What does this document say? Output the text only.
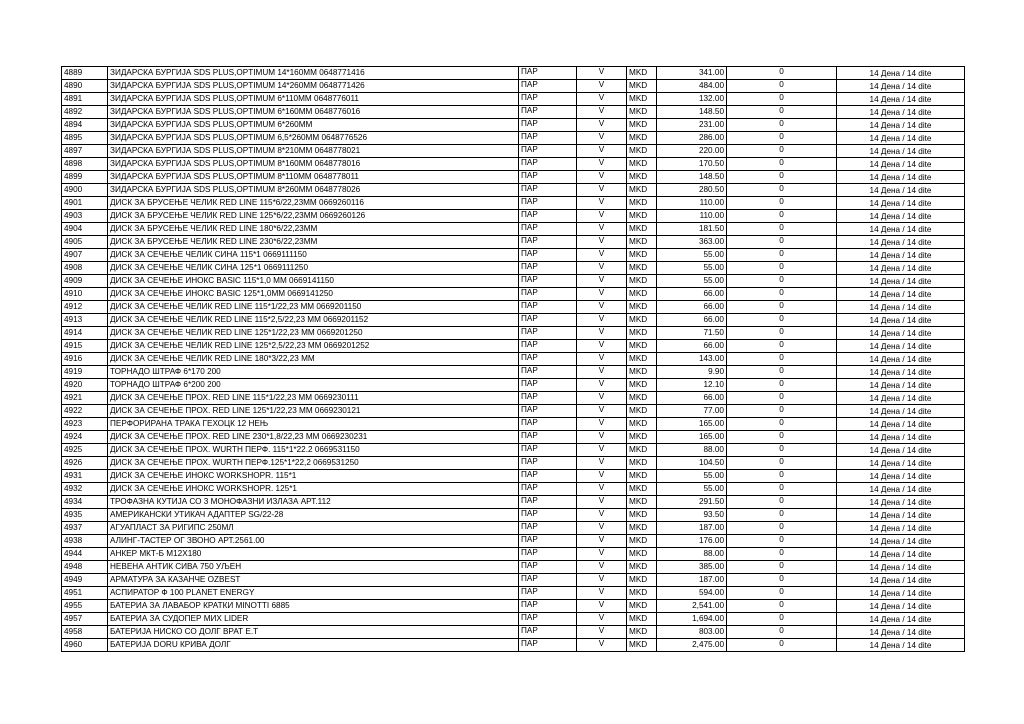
4889	ЗИДАРСКА БУРГИЈА SDS PLUS,OPTIMUM 14*160ММ 0648771416	ПАР	V	MKD	341.00	0	14 Дена / 14 dite
4890	ЗИДАРСКА БУРГИЈА SDS PLUS,OPTIMUM 14*260ММ 0648771426	ПАР	V	MKD	484.00	0	14 Дена / 14 dite
4891	ЗИДАРСКА БУРГИЈА SDS PLUS,OPTIMUM 6*110ММ 0648776011	ПАР	V	MKD	132.00	0	14 Дена / 14 dite
4892	ЗИДАРСКА БУРГИЈА SDS PLUS,OPTIMUM 6*160ММ 0648776016	ПАР	V	MKD	148.50	0	14 Дена / 14 dite
4894	ЗИДАРСКА БУРГИЈА SDS PLUS,OPTIMUM 6*260ММ	ПАР	V	MKD	231.00	0	14 Дена / 14 dite
4895	ЗИДАРСКА БУРГИЈА SDS PLUS,OPTIMUM 6,5*260ММ 0648776526	ПАР	V	MKD	286.00	0	14 Дена / 14 dite
4897	ЗИДАРСКА БУРГИЈА SDS PLUS,OPTIMUM 8*210ММ 0648778021	ПАР	V	MKD	220.00	0	14 Дена / 14 dite
4898	ЗИДАРСКА БУРГИЈА SDS PLUS,OPTIMUM 8*160ММ 0648778016	ПАР	V	MKD	170.50	0	14 Дена / 14 dite
4899	ЗИДАРСКА БУРГИЈА SDS PLUS,OPTIMUM 8*110ММ 0648778011	ПАР	V	MKD	148.50	0	14 Дена / 14 dite
4900	ЗИДАРСКА БУРГИЈА SDS PLUS,OPTIMUM 8*260ММ 0648778026	ПАР	V	MKD	280.50	0	14 Дена / 14 dite
4901	ДИСК ЗА БРУСЕЊЕ ЧЕЛИК RED LINE 115*6/22,23ММ 0669260116	ПАР	V	MKD	110.00	0	14 Дена / 14 dite
4903	ДИСК ЗА БРУСЕЊЕ ЧЕЛИК RED LINE 125*6/22,23ММ 0669260126	ПАР	V	MKD	110.00	0	14 Дена / 14 dite
4904	ДИСК ЗА БРУСЕЊЕ ЧЕЛИК RED LINE 180*6/22,23ММ	ПАР	V	MKD	181.50	0	14 Дена / 14 dite
4905	ДИСК ЗА БРУСЕЊЕ ЧЕЛИК RED LINE 230*6/22,23ММ	ПАР	V	MKD	363.00	0	14 Дена / 14 dite
4907	ДИСК ЗА СЕЧЕЊЕ ЧЕЛИК СИНА 115*1 0669111150	ПАР	V	MKD	55.00	0	14 Дена / 14 dite
4908	ДИСК ЗА СЕЧЕЊЕ ЧЕЛИК СИНА 125*1 0669111250	ПАР	V	MKD	55.00	0	14 Дена / 14 dite
4909	ДИСК ЗА СЕЧЕЊЕ ИНОКС BASIC 115*1,0 ММ 0669141150	ПАР	V	MKD	55.00	0	14 Дена / 14 dite
4910	ДИСК ЗА СЕЧЕЊЕ ИНОКС BASIC 125*1,0ММ 0669141250	ПАР	V	MKD	66.00	0	14 Дена / 14 dite
4912	ДИСК ЗА СЕЧЕЊЕ ЧЕЛИК RED LINE 115*1/22,23 ММ 0669201150	ПАР	V	MKD	66.00	0	14 Дена / 14 dite
4913	ДИСК ЗА СЕЧЕЊЕ ЧЕЛИК RED LINE 115*2,5/22,23 ММ 0669201152	ПАР	V	MKD	66.00	0	14 Дена / 14 dite
4914	ДИСК ЗА СЕЧЕЊЕ ЧЕЛИК RED LINE 125*1/22,23 ММ 0669201250	ПАР	V	MKD	71.50	0	14 Дена / 14 dite
4915	ДИСК ЗА СЕЧЕЊЕ ЧЕЛИК RED LINE 125*2,5/22,23 ММ 0669201252	ПАР	V	MKD	66.00	0	14 Дена / 14 dite
4916	ДИСК ЗА СЕЧЕЊЕ ЧЕЛИК RED LINE 180*3/22,23 ММ	ПАР	V	MKD	143.00	0	14 Дена / 14 dite
4919	ТОРНАДО ШТРАФ 6*170 200	ПАР	V	MKD	9.90	0	14 Дена / 14 dite
4920	ТОРНАДО ШТРАФ 6*200 200	ПАР	V	MKD	12.10	0	14 Дена / 14 dite
4921	ДИСК ЗА СЕЧЕЊЕ ПРОХ. RED LINE 115*1/22,23 ММ 0669230111	ПАР	V	MKD	66.00	0	14 Дена / 14 dite
4922	ДИСК ЗА СЕЧЕЊЕ ПРОХ. RED LINE 125*1/22,23 ММ 0669230121	ПАР	V	MKD	77.00	0	14 Дена / 14 dite
4923	ПЕРФОРИРАНА ТРАКА ГЕХОЦК 12 НЕЊ	ПАР	V	MKD	165.00	0	14 Дена / 14 dite
4924	ДИСК ЗА СЕЧЕЊЕ ПРОХ. RED LINE 230*1,8/22,23 ММ 0669230231	ПАР	V	MKD	165.00	0	14 Дена / 14 dite
4925	ДИСК ЗА СЕЧЕЊЕ ПРОХ. WURTH ПЕРФ. 115*1*22.2 0669531150	ПАР	V	MKD	88.00	0	14 Дена / 14 dite
4926	ДИСК ЗА СЕЧЕЊЕ ПРОХ. WURTH ПЕРФ.125*1*22,2 0669531250	ПАР	V	MKD	104.50	0	14 Дена / 14 dite
4931	ДИСК ЗА СЕЧЕЊЕ ИНОКС WORKSHOPR. 115*1	ПАР	V	MKD	55.00	0	14 Дена / 14 dite
4932	ДИСК ЗА СЕЧЕЊЕ ИНОКС WORKSHOPR. 125*1	ПАР	V	MKD	55.00	0	14 Дена / 14 dite
4934	ТРОФАЗНА КУТИЈА СО 3 МОНОФАЗНИ ИЗЛАЗА АРТ.112	ПАР	V	MKD	291.50	0	14 Дена / 14 dite
4935	АМЕРИКАНСКИ УТИКАЧ АДАПТЕР SG/22-28	ПАР	V	MKD	93.50	0	14 Дена / 14 dite
4937	АГУАПЛАСТ ЗА РИГИПС 250МЛ	ПАР	V	MKD	187.00	0	14 Дена / 14 dite
4938	АЛИНГ-ТАСТЕР ОГ ЗВОНО АРТ.2561.00	ПАР	V	MKD	176.00	0	14 Дена / 14 dite
4944	АНКЕР МКТ-Б М12Х180	ПАР	V	MKD	88.00	0	14 Дена / 14 dite
4948	НЕВЕНА АНТИК СИВА 750 УЉЕН	ПАР	V	MKD	385.00	0	14 Дена / 14 dite
4949	АРМАТУРА ЗА КАЗАНЧЕ OZBEST	ПАР	V	MKD	187.00	0	14 Дена / 14 dite
4951	АСПИРАТОР Ф 100 PLANET ENERGY	ПАР	V	MKD	594.00	0	14 Дена / 14 dite
4955	БАТЕРИА ЗА ЛАВАБОР КРАТКИ MINOTTI 6885	ПАР	V	MKD	2,541.00	0	14 Дена / 14 dite
4957	БАТЕРИА ЗА СУДОПЕР МИХ LIDER	ПАР	V	MKD	1,694.00	0	14 Дена / 14 dite
4958	БАТЕРИЈА НИСКО СО ДОЛГ ВРАТ Е.Т	ПАР	V	MKD	803.00	0	14 Дена / 14 dite
4960	БАТЕРИЈА DORU КРИВА ДОЛГ	ПАР	V	MKD	2,475.00	0	14 Дена / 14 dite
